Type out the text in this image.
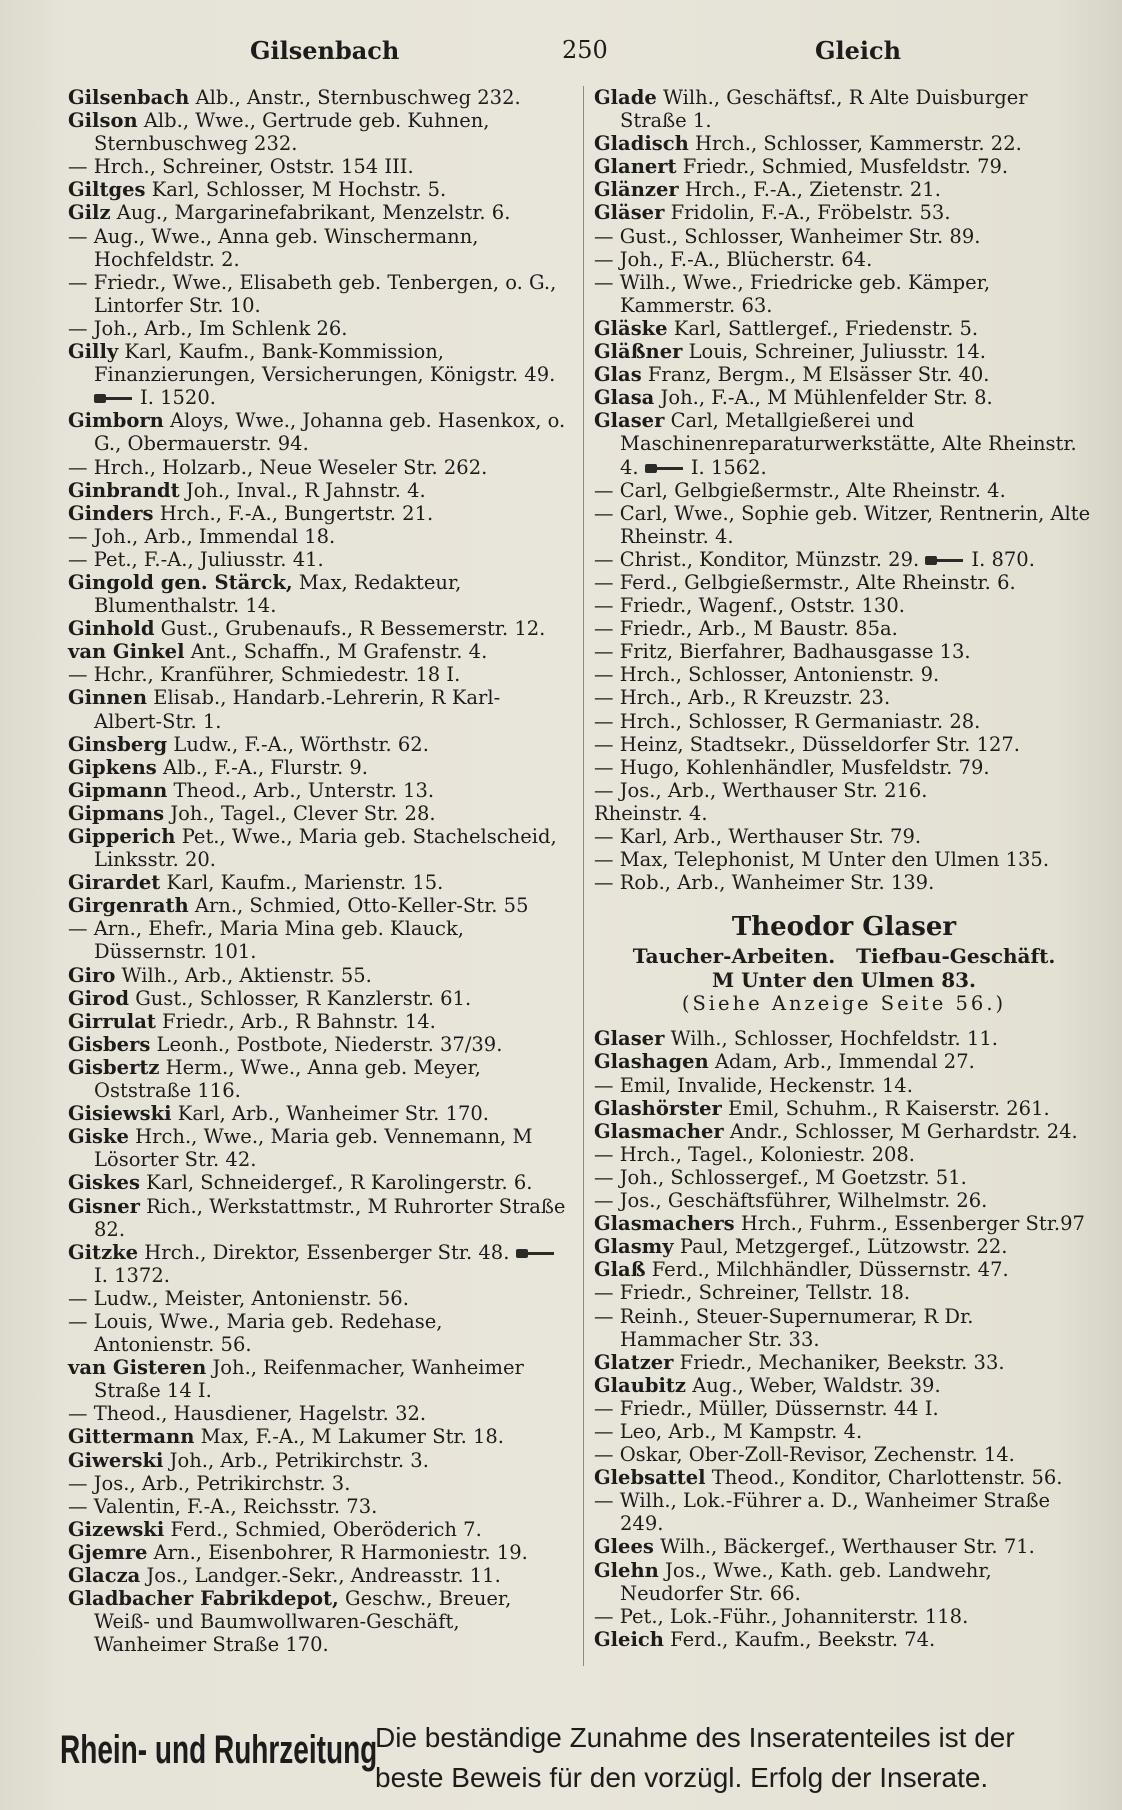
Gilsenbach	250	Gleich
Gilsenbach Alb., Anstr., Sternbuschweg 232.
Gilson Alb., Wwe., Gertrude geb. Kuhnen, Sternbuschweg 232.
— Hrch., Schreiner, Oststr. 154 III.
Giltges Karl, Schlosser, M Hochstr. 5.
Gilz Aug., Margarinefabrikant, Menzelstr. 6.
— Aug., Wwe., Anna geb. Winschermann, Hochfeldstr. 2.
— Friedr., Wwe., Elisabeth geb. Tenbergen, o. G., Lintorfer Str. 10.
— Joh., Arb., Im Schlenk 26.
Gilly Karl, Kaufm., Bank-Kommission, Finanzierungen, Versicherungen, Königstr. 49. I. 1520.
Gimborn Aloys, Wwe., Johanna geb. Hasenkox, o. G., Obermauerstr. 94.
— Hrch., Holzarb., Neue Weseler Str. 262.
Ginbrandt Joh., Inval., R Jahnstr. 4.
Ginders Hrch., F.-A., Bungertstr. 21.
— Joh., Arb., Immendal 18.
— Pet., F.-A., Juliusstr. 41.
Gingold gen. Stärck, Max, Redakteur, Blumenthalstr. 14.
Ginhold Gust., Grubenaufs., R Bessemerstr. 12.
van Ginkel Ant., Schaffn., M Grafenstr. 4.
— Hchr., Kranführer, Schmiedestr. 18 I.
Ginnen Elisab., Handarb.-Lehrerin, R Karl-Albert-Str. 1.
Ginsberg Ludw., F.-A., Wörthstr. 62.
Gipkens Alb., F.-A., Flurstr. 9.
Gipmann Theod., Arb., Unterstr. 13.
Gipmans Joh., Tagel., Clever Str. 28.
Gipperich Pet., Wwe., Maria geb. Stachelscheid, Linksstr. 20.
Girardet Karl, Kaufm., Marienstr. 15.
Girgenrath Arn., Schmied, Otto-Keller-Str. 55
— Arn., Ehefr., Maria Mina geb. Klauck, Düssernstr. 101.
Giro Wilh., Arb., Aktienstr. 55.
Girod Gust., Schlosser, R Kanzlerstr. 61.
Girrulat Friedr., Arb., R Bahnstr. 14.
Gisbers Leonh., Postbote, Niederstr. 37/39.
Gisbertz Herm., Wwe., Anna geb. Meyer, Oststraße 116.
Gisiewski Karl, Arb., Wanheimer Str. 170.
Giske Hrch., Wwe., Maria geb. Vennemann, M Lösorter Str. 42.
Giskes Karl, Schneidergef., R Karolingerstr. 6.
Gisner Rich., Werkstattmstr., M Ruhrorter Straße 82.
Gitzke Hrch., Direktor, Essenberger Str. 48. I. 1372.
— Ludw., Meister, Antonienstr. 56.
— Louis, Wwe., Maria geb. Redehase, Antonienstr. 56.
van Gisteren Joh., Reifenmacher, Wanheimer Straße 14 I.
— Theod., Hausdiener, Hagelstr. 32.
Gittermann Max, F.-A., M Lakumer Str. 18.
Giwerski Joh., Arb., Petrikirchstr. 3.
— Jos., Arb., Petrikirchstr. 3.
— Valentin, F.-A., Reichsstr. 73.
Gizewski Ferd., Schmied, Oberöderich 7.
Gjemre Arn., Eisenbohrer, R Harmoniestr. 19.
Glacza Jos., Landger.-Sekr., Andreasstr. 11.
Gladbacher Fabrikdepot, Geschw., Breuer, Weiß- und Baumwollwaren-Geschäft, Wanheimer Straße 170.
Glade Wilh., Geschäftsf., R Alte Duisburger Straße 1.
Gladisch Hrch., Schlosser, Kammerstr. 22.
Glanert Friedr., Schmied, Musfeldstr. 79.
Glänzer Hrch., F.-A., Zietenstr. 21.
Gläser Fridolin, F.-A., Fröbelstr. 53.
— Gust., Schlosser, Wanheimer Str. 89.
— Joh., F.-A., Blücherstr. 64.
— Wilh., Wwe., Friedricke geb. Kämper, Kammerstr. 63.
Gläske Karl, Sattlergef., Friedenstr. 5.
Gläßner Louis, Schreiner, Juliusstr. 14.
Glas Franz, Bergm., M Elsässer Str. 40.
Glasa Joh., F.-A., M Mühlenfelder Str. 8.
Glaser Carl, Metallgießerei und Maschinenreparaturwerkstätte, Alte Rheinstr. 4.	I. 1562.
— Carl, Gelbgießermstr., Alte Rheinstr. 4.
— Carl, Wwe., Sophie geb. Witzer, Rentnerin, Alte Rheinstr. 4.
— Christ., Konditor, Münzstr. 29.	I. 870.
— Ferd., Gelbgießermstr., Alte Rheinstr. 6.
— Friedr., Wagenf., Oststr. 130.
— Friedr., Arb., M Baustr. 85a.
— Fritz, Bierfahrer, Badhausgasse 13.
— Hrch., Schlosser, Antonienstr. 9.
— Hrch., Arb., R Kreuzstr. 23.
— Hrch., Schlosser, R Germaniastr. 28.
— Heinz, Stadtsekr., Düsseldorfer Str. 127.
— Hugo, Kohlenhändler, Musfeldstr. 79.
— Jos., Arb., Werthauser Str. 216.
Rheinstr. 4.
— Karl, Arb., Werthauser Str. 79.
— Max, Telephonist, M Unter den Ulmen 135.
— Rob., Arb., Wanheimer Str. 139.
Theodor Glaser
Taucher-Arbeiten.   Tiefbau-Geschäft.
M Unter den Ulmen 83.
(Siehe Anzeige Seite 56.)
Glaser Wilh., Schlosser, Hochfeldstr. 11.
Glashagen Adam, Arb., Immendal 27.
— Emil, Invalide, Heckenstr. 14.
Glashörster Emil, Schuhm., R Kaiserstr. 261.
Glasmacher Andr., Schlosser, M Gerhardstr. 24.
— Hrch., Tagel., Koloniestr. 208.
— Joh., Schlossergef., M Goetzstr. 51.
— Jos., Geschäftsführer, Wilhelmstr. 26.
Glasmachers Hrch., Fuhrm., Essenberger Str.97
Glasmy Paul, Metzgergef., Lützowstr. 22.
Glaß Ferd., Milchhändler, Düssernstr. 47.
— Friedr., Schreiner, Tellstr. 18.
— Reinh., Steuer-Supernumerar, R Dr. Hammacher Str. 33.
Glatzer Friedr., Mechaniker, Beekstr. 33.
Glaubitz Aug., Weber, Waldstr. 39.
— Friedr., Müller, Düssernstr. 44 I.
— Leo, Arb., M Kampstr. 4.
— Oskar, Ober-Zoll-Revisor, Zechenstr. 14.
Glebsattel Theod., Konditor, Charlottenstr. 56.
— Wilh., Lok.-Führer a. D., Wanheimer Straße 249.
Glees Wilh., Bäckergef., Werthauser Str. 71.
Glehn Jos., Wwe., Kath. geb. Landwehr, Neudorfer Str. 66.
— Pet., Lok.-Führ., Johanniterstr. 118.
Gleich Ferd., Kaufm., Beekstr. 74.
Rhein- und Ruhrzeitung
Die beständige Zunahme des Inseratenteiles ist der
beste Beweis für den vorzügl. Erfolg der Inserate.
